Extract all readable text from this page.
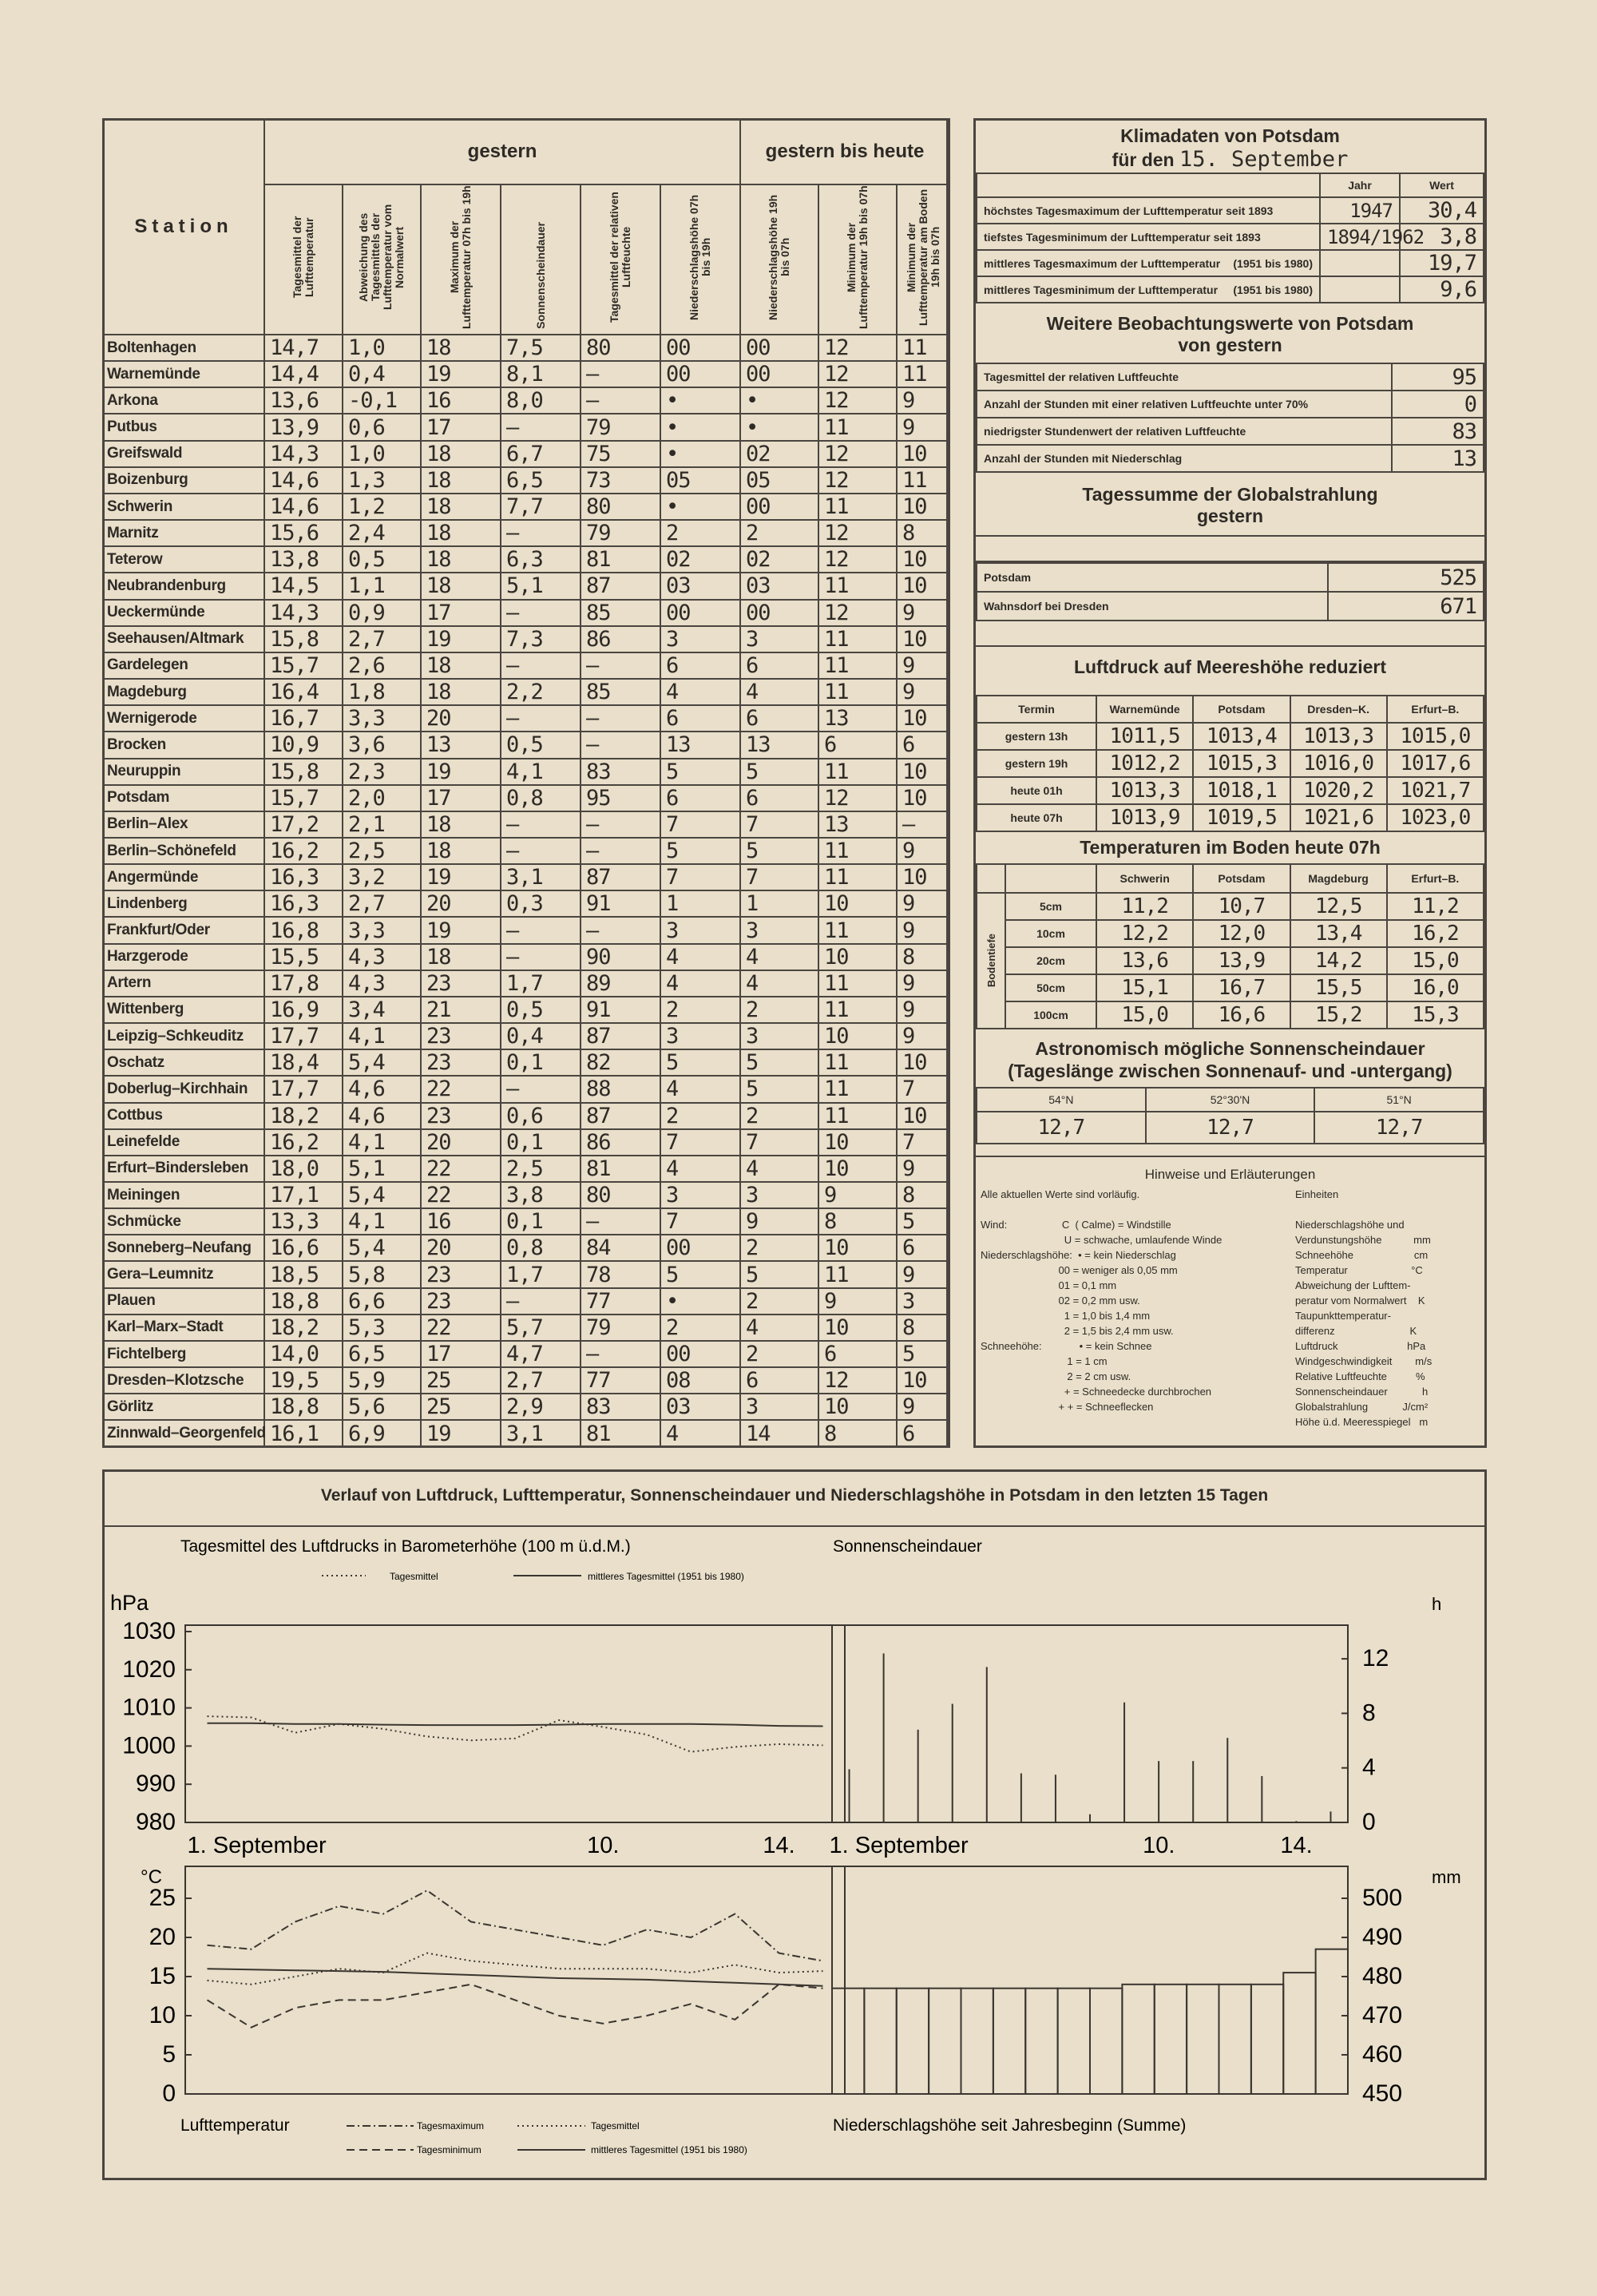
Station	gestern						gestern bis heute		

	Tagesmittel der Lufttemperatur	Abweichung des Tagesmittels der Lufttemperatur vom Normalwert	Maximum der Lufttemperatur 07h bis 19h	Sonnenscheindauer	Tagesmittel der relativen Luftfeuchte	Niederschlagshöhe 07h bis 19h	Niederschlagshöhe 19h bis 07h	Minimum der Lufttemperatur 19h bis 07h	Minimum der Lufttemperatur am Boden 19h bis 07h

Boltenhagen	14,7	1,0	18	7,5	80	00	00	12	11
Warnemünde	14,4	0,4	19	8,1	–	00	00	12	11
Arkona	13,6	-0,1	16	8,0	–	•	•	12	9
Putbus	13,9	0,6	17	–	79	•	•	11	9
Greifswald	14,3	1,0	18	6,7	75	•	02	12	10
Boizenburg	14,6	1,3	18	6,5	73	05	05	12	11
Schwerin	14,6	1,2	18	7,7	80	•	00	11	10
Marnitz	15,6	2,4	18	–	79	2	2	12	8
Teterow	13,8	0,5	18	6,3	81	02	02	12	10
Neubrandenburg	14,5	1,1	18	5,1	87	03	03	11	10
Ueckermünde	14,3	0,9	17	–	85	00	00	12	9
Seehausen/Altmark	15,8	2,7	19	7,3	86	3	3	11	10
Gardelegen	15,7	2,6	18	–	–	6	6	11	9
Magdeburg	16,4	1,8	18	2,2	85	4	4	11	9
Wernigerode	16,7	3,3	20	–	–	6	6	13	10
Brocken	10,9	3,6	13	0,5	–	13	13	6	6
Neuruppin	15,8	2,3	19	4,1	83	5	5	11	10
Potsdam	15,7	2,0	17	0,8	95	6	6	12	10
Berlin–Alex	17,2	2,1	18	–	–	7	7	13	–
Berlin–Schönefeld	16,2	2,5	18	–	–	5	5	11	9
Angermünde	16,3	3,2	19	3,1	87	7	7	11	10
Lindenberg	16,3	2,7	20	0,3	91	1	1	10	9
Frankfurt/Oder	16,8	3,3	19	–	–	3	3	11	9
Harzgerode	15,5	4,3	18	–	90	4	4	10	8
Artern	17,8	4,3	23	1,7	89	4	4	11	9
Wittenberg	16,9	3,4	21	0,5	91	2	2	11	9
Leipzig–Schkeuditz	17,7	4,1	23	0,4	87	3	3	10	9
Oschatz	18,4	5,4	23	0,1	82	5	5	11	10
Doberlug–Kirchhain	17,7	4,6	22	–	88	4	5	11	7
Cottbus	18,2	4,6	23	0,6	87	2	2	11	10
Leinefelde	16,2	4,1	20	0,1	86	7	7	10	7
Erfurt–Bindersleben	18,0	5,1	22	2,5	81	4	4	10	9
Meiningen	17,1	5,4	22	3,8	80	3	3	9	8
Schmücke	13,3	4,1	16	0,1	–	7	9	8	5
Sonneberg–Neufang	16,6	5,4	20	0,8	84	00	2	10	6
Gera–Leumnitz	18,5	5,8	23	1,7	78	5	5	11	9
Plauen	18,8	6,6	23	–	77	•	2	9	3
Karl–Marx–Stadt	18,2	5,3	22	5,7	79	2	4	10	8
Fichtelberg	14,0	6,5	17	4,7	–	00	2	6	5
Dresden–Klotzsche	19,5	5,9	25	2,7	77	08	6	12	10
Görlitz	18,8	5,6	25	2,9	83	03	3	10	9
Zinnwald–Georgenfeld	16,1	6,9	19	3,1	81	4	14	8	6
Klimadaten von Potsdam
für den 15. September
	Jahr	Wert
höchstes Tagesmaximum der Lufttemperatur seit 1893	1947	30,4
tiefstes Tagesminimum der Lufttemperatur seit 1893	1894/1962	3,8
mittleres Tagesmaximum der Lufttemperatur (1951 bis 1980)		19,7
mittleres Tagesminimum der Lufttemperatur (1951 bis 1980)		9,6
Weitere Beobachtungswerte von Potsdam von gestern
Tagesmittel der relativen Luftfeuchte	95
Anzahl der Stunden mit einer relativen Luftfeuchte unter 70%	0
niedrigster Stundenwert der relativen Luftfeuchte	83
Anzahl der Stunden mit Niederschlag	13
Tagessumme der Globalstrahlung gestern
Potsdam	525
Wahnsdorf bei Dresden	671
Luftdruck auf Meereshöhe reduziert
Termin	Warnemünde	Potsdam	Dresden–K.	Erfurt–B.
gestern 13h	1011,5	1013,4	1013,3	1015,0
gestern 19h	1012,2	1015,3	1016,0	1017,6
heute 01h	1013,3	1018,1	1020,2	1021,7
heute 07h	1013,9	1019,5	1021,6	1023,0
Temperaturen im Boden heute 07h
		Schwerin	Potsdam	Magdeburg	Erfurt–B.

Bodentiefe	5cm	11,2	10,7	12,5	11,2
	10cm	12,2	12,0	13,4	16,2
	20cm	13,6	13,9	14,2	15,0
	50cm	15,1	16,7	15,5	16,0
	100cm	15,0	16,6	15,2	15,3
Astronomisch mögliche Sonnenscheindauer
(Tageslänge zwischen Sonnenauf- und -untergang)
54°N	52°30'N	51°N
12,7	12,7	12,7
Hinweise und Erläuterungen
Alle aktuellen Werte sind vorläufig.

Wind:                   C  ( Calme) = Windstille
U = schwache, umlaufende Winde
Niederschlagshöhe:  • = kein Niederschlag
00 = weniger als 0,05 mm
01 = 0,1 mm
02 = 0,2 mm usw.
1 = 1,0 bis 1,4 mm
2 = 1,5 bis 2,4 mm usw.
Schneehöhe:             • = kein Schnee
1 = 1 cm
2 = 2 cm usw.
+ = Schneedecke durchbrochen
+ + = Schneeflecken
Einheiten

Niederschlagshöhe und
Verdunstungshöhe           mm
Schneehöhe                     cm
Temperatur                      °C
Abweichung der Lufttem-
peratur vom Normalwert    K
Taupunkttemperatur-
differenz                          K
Luftdruck                        hPa
Windgeschwindigkeit        m/s
Relative Luftfeuchte          %
Sonnenscheindauer            h
Globalstrahlung            J/cm²
Höhe ü.d. Meeresspiegel   m
Verlauf von Luftdruck, Lufttemperatur, Sonnenscheindauer und Niederschlagshöhe in Potsdam in den letzten 15 Tagen
Tagesmittel des Luftdrucks in Barometerhöhe (100 m ü.d.M.)
Tagesmittel	mittleres Tagesmittel (1951 bis 1980)
hPa
1030
1020
1010
1000
990
980
1. September	10.	14.
Sonnenscheindauer
h
12
8
4
0
1. September	10.	14.
°C
25
20
15
10
5
0
Lufttemperatur	Tagesmaximum	Tagesmittel
Tagesminimum	mittleres Tagesmittel (1951 bis 1980)
mm
500
490
480
470
460
450
Niederschlagshöhe seit Jahresbeginn (Summe)
